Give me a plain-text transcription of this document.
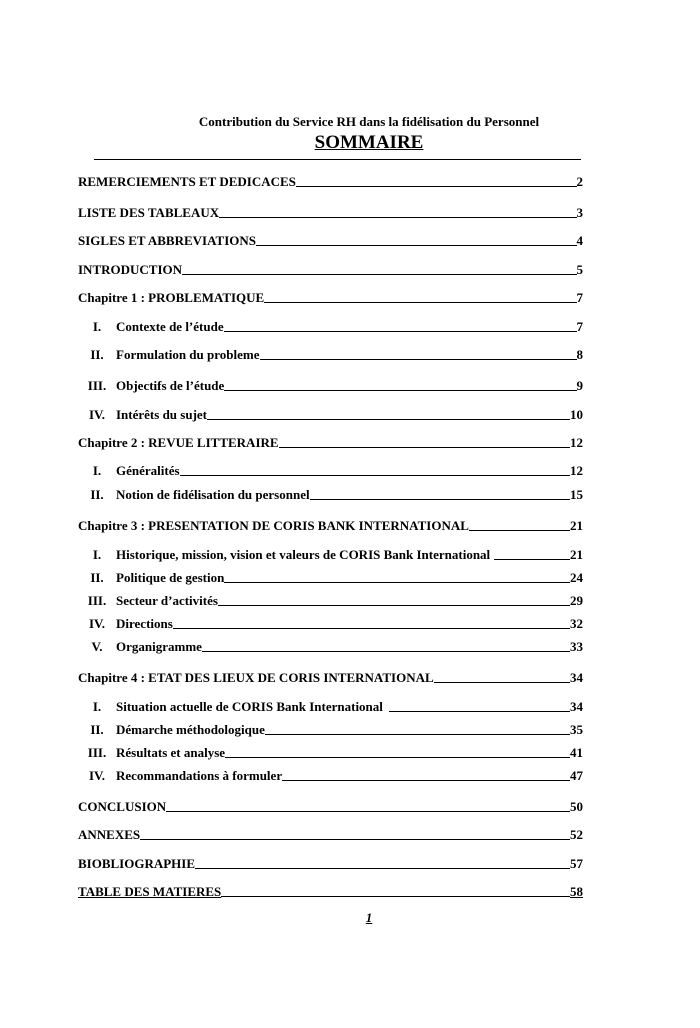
Contribution du Service RH dans la fidélisation du Personnel
SOMMAIRE
REMERCIEMENTS ET DEDICACES	2
LISTE DES TABLEAUX	3
SIGLES ET ABBREVIATIONS	4
INTRODUCTION	5
Chapitre 1 : PROBLEMATIQUE	7
I.	Contexte de l’étude	7
II. Formulation du probleme	8
III. Objectifs de l’étude	9
IV. Intérêts du sujet	10
Chapitre 2 : REVUE LITTERAIRE	12
I.	Généralités	12
II. Notion de fidélisation du personnel	15
Chapitre 3 : PRESENTATION DE CORIS BANK INTERNATIONAL	21
I.	Historique, mission, vision et valeurs de CORIS Bank International	21
II. Politique de gestion	24
III. Secteur d’activités	29
IV. Directions	32
V.	Organigramme	33
Chapitre 4 : ETAT DES LIEUX DE CORIS INTERNATIONAL	34
I.	Situation actuelle de CORIS Bank International	34
II. Démarche méthodologique	35
III. Résultats et analyse	41
IV. Recommandations à formuler	47
CONCLUSION	50
ANNEXES	52
BIOBLIOGRAPHIE	57
TABLE DES MATIERES	58
1
